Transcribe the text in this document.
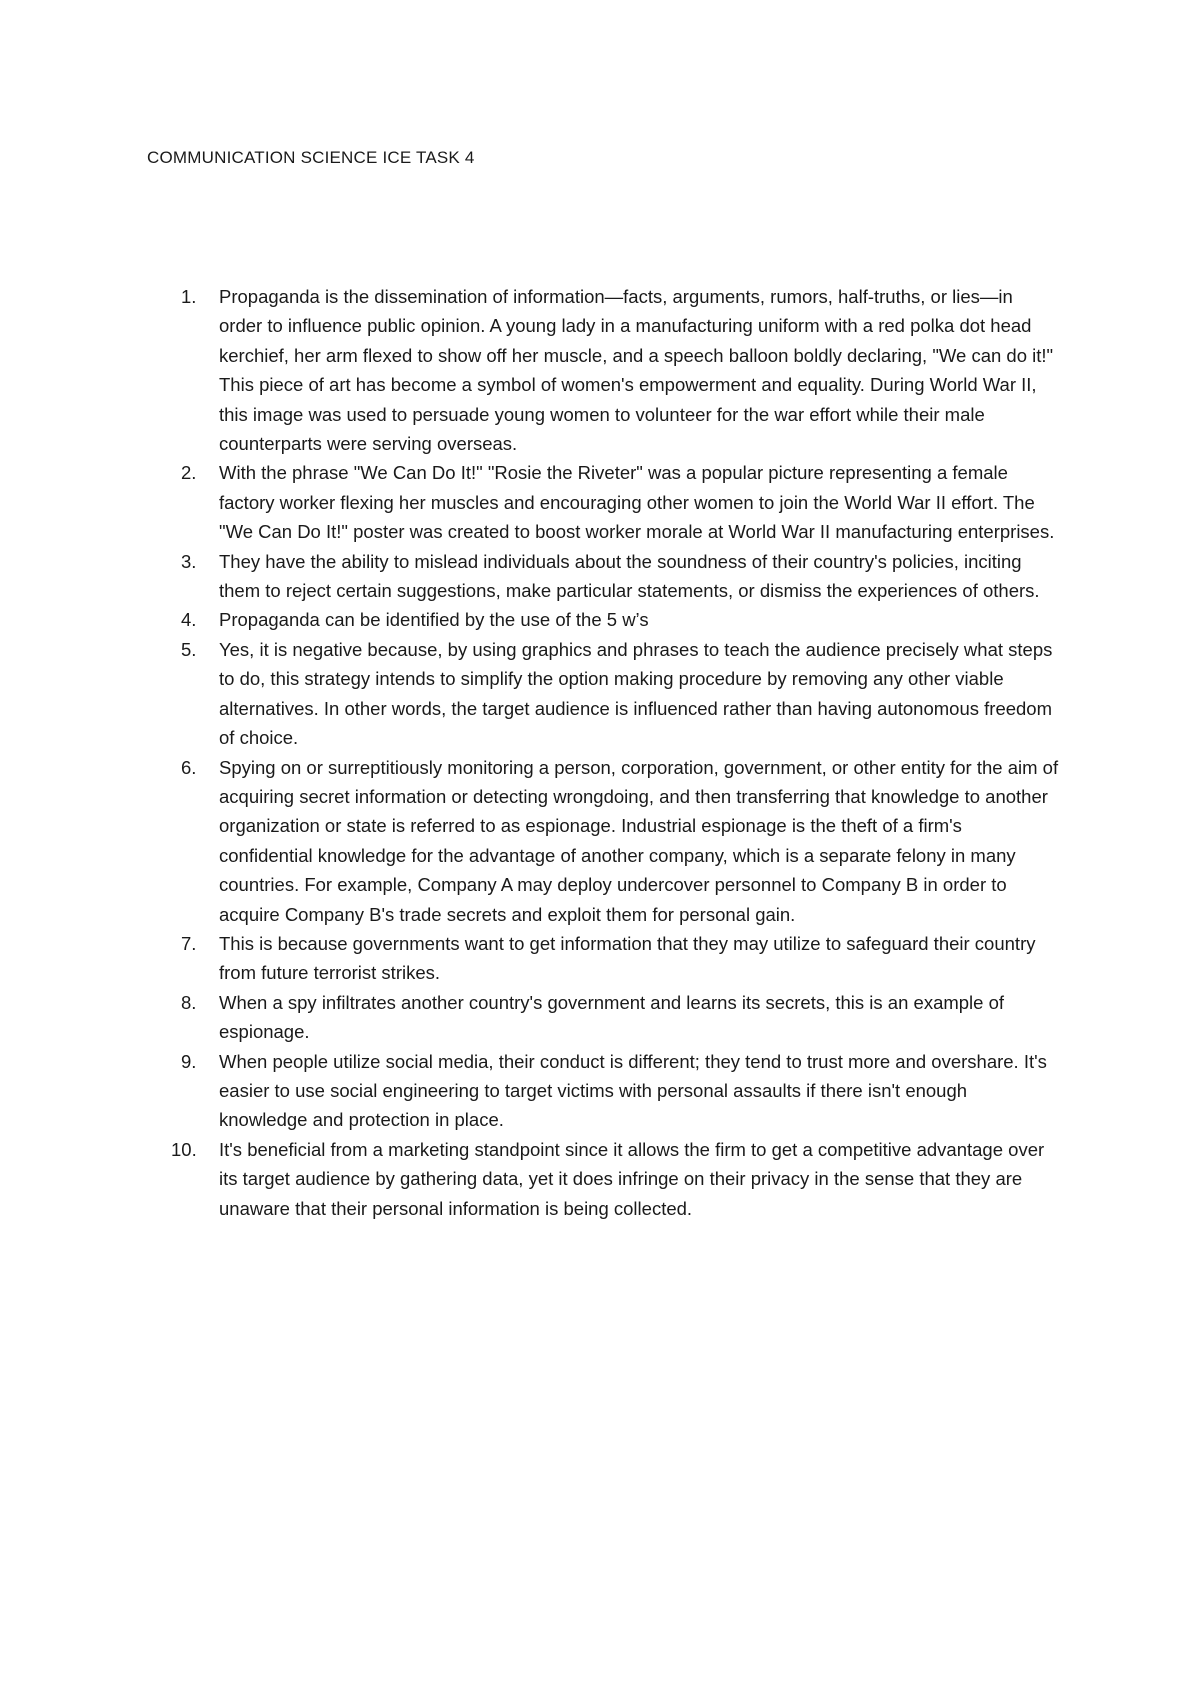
COMMUNICATION SCIENCE ICE TASK 4
1.	Propaganda is the dissemination of information—facts, arguments, rumors, half-truths, or lies—in order to influence public opinion. A young lady in a manufacturing uniform with a red polka dot head kerchief, her arm flexed to show off her muscle, and a speech balloon boldly declaring, "We can do it!" This piece of art has become a symbol of women's empowerment and equality. During World War II, this image was used to persuade young women to volunteer for the war effort while their male counterparts were serving overseas.
2.	With the phrase "We Can Do It!" "Rosie the Riveter" was a popular picture representing a female factory worker flexing her muscles and encouraging other women to join the World War II effort. The "We Can Do It!" poster was created to boost worker morale at World War II manufacturing enterprises.
3.	They have the ability to mislead individuals about the soundness of their country's policies, inciting them to reject certain suggestions, make particular statements, or dismiss the experiences of others.
4.	Propaganda can be identified by the use of the 5 w’s
5.	Yes, it is negative because, by using graphics and phrases to teach the audience precisely what steps to do, this strategy intends to simplify the option making procedure by removing any other viable alternatives. In other words, the target audience is influenced rather than having autonomous freedom of choice.
6.	Spying on or surreptitiously monitoring a person, corporation, government, or other entity for the aim of acquiring secret information or detecting wrongdoing, and then transferring that knowledge to another organization or state is referred to as espionage. Industrial espionage is the theft of a firm's confidential knowledge for the advantage of another company, which is a separate felony in many countries. For example, Company A may deploy undercover personnel to Company B in order to acquire Company B's trade secrets and exploit them for personal gain.
7.	This is because governments want to get information that they may utilize to safeguard their country from future terrorist strikes.
8.	When a spy infiltrates another country's government and learns its secrets, this is an example of espionage.
9.	When people utilize social media, their conduct is different; they tend to trust more and overshare. It's easier to use social engineering to target victims with personal assaults if there isn't enough knowledge and protection in place.
10. It's beneficial from a marketing standpoint since it allows the firm to get a competitive advantage over its target audience by gathering data, yet it does infringe on their privacy in the sense that they are unaware that their personal information is being collected.
